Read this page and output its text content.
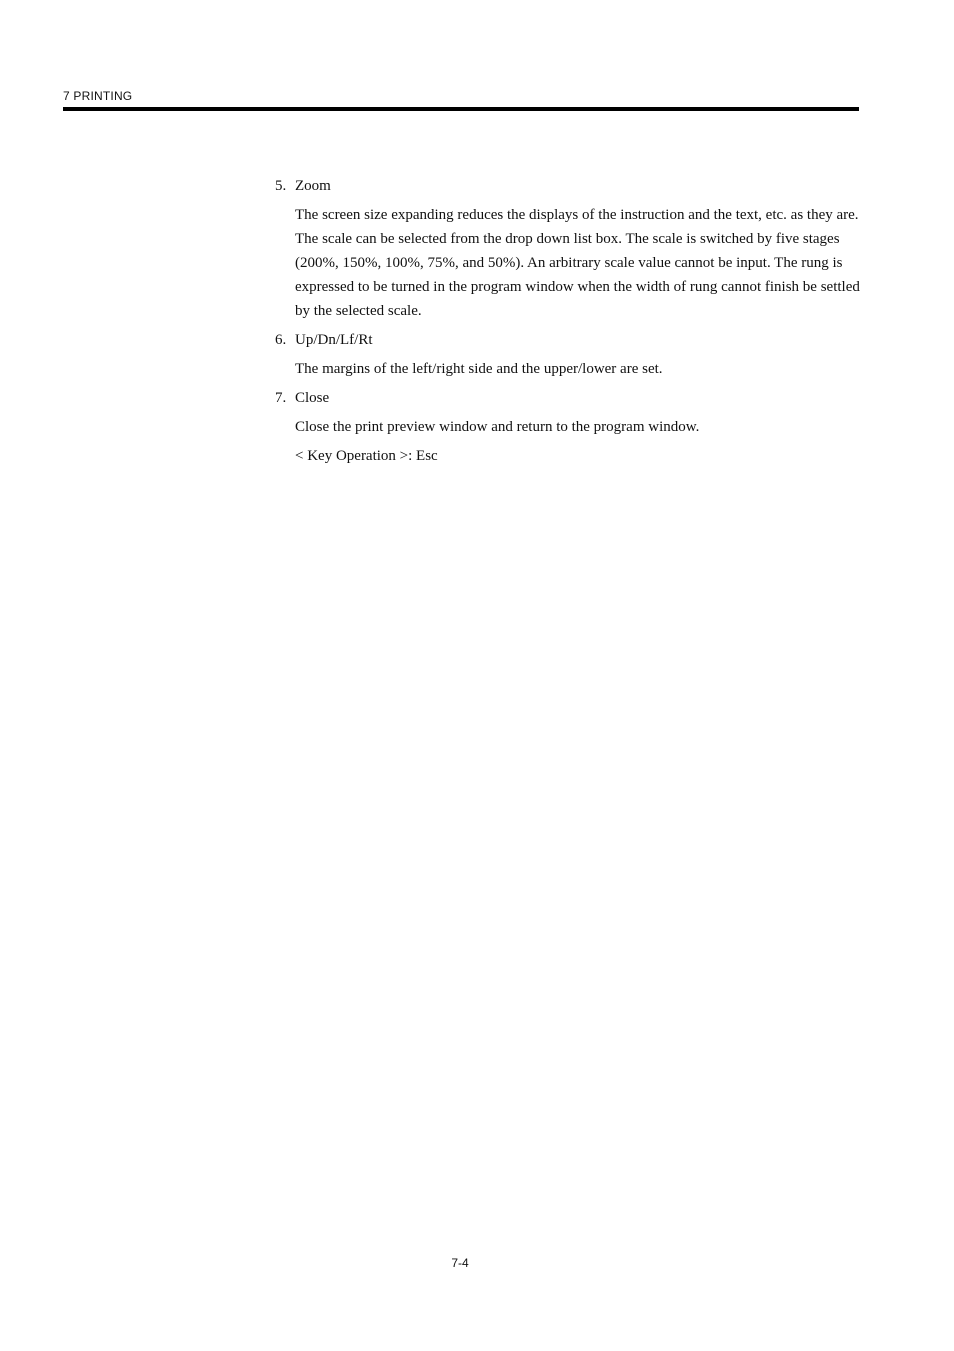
7 PRINTING
5. Zoom
The screen size expanding reduces the displays of the instruction and the text, etc. as they are. The scale can be selected from the drop down list box. The scale is switched by five stages (200%, 150%, 100%, 75%, and 50%). An arbitrary scale value cannot be input. The rung is expressed to be turned in the program window when the width of rung cannot finish be settled by the selected scale.
6. Up/Dn/Lf/Rt
The margins of the left/right side and the upper/lower are set.
7. Close
Close the print preview window and return to the program window.
< Key Operation >: Esc
7-4
